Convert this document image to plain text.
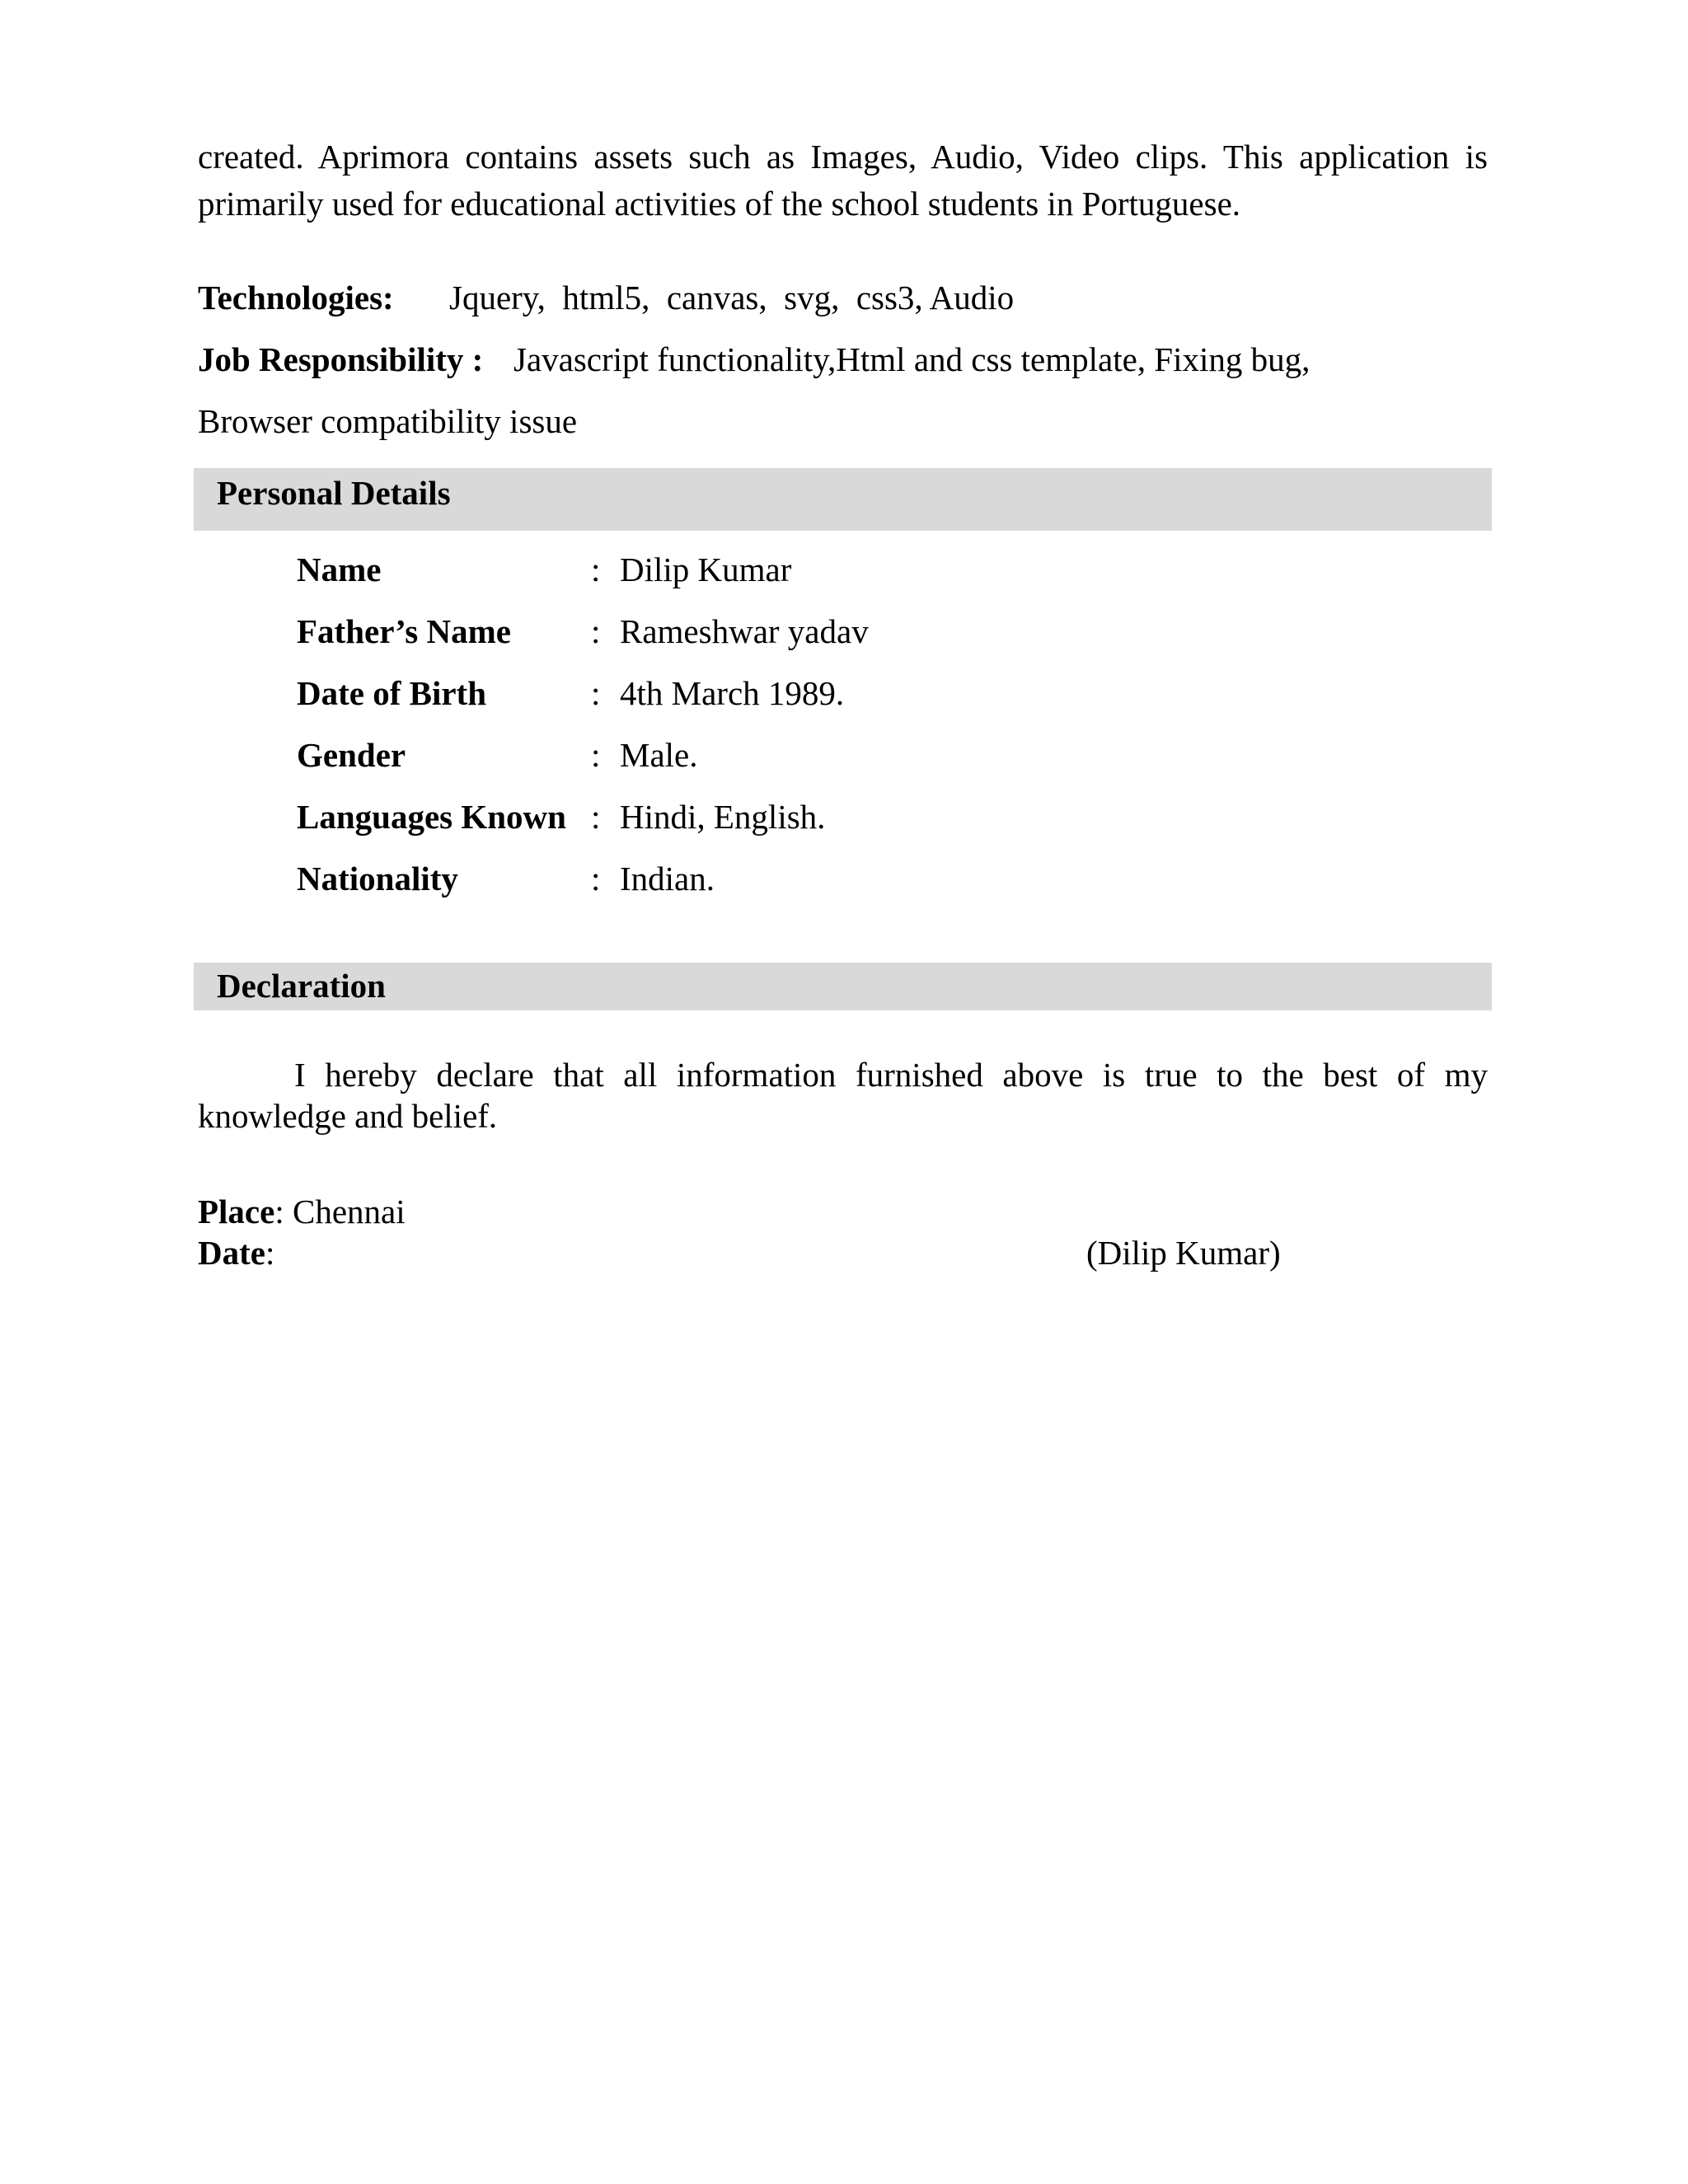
created. Aprimora contains assets such as Images, Audio, Video clips. This application is
primarily used for educational activities of the school students in Portuguese.
Technologies: Jquery,  html5,  canvas,  svg,  css3, Audio
Job Responsibility : Javascript functionality,Html and css template, Fixing bug,
Browser compatibility issue
Personal Details
Name	: Dilip Kumar
Father’s Name : Rameshwar yadav
Date of Birth	: 4th March 1989.
Gender	: Male.
Languages Known : Hindi, English.
Nationality	: Indian.
Declaration
I hereby declare that all information furnished above is true to the best of my
knowledge and belief.
Place: Chennai
Date:	(Dilip Kumar)
